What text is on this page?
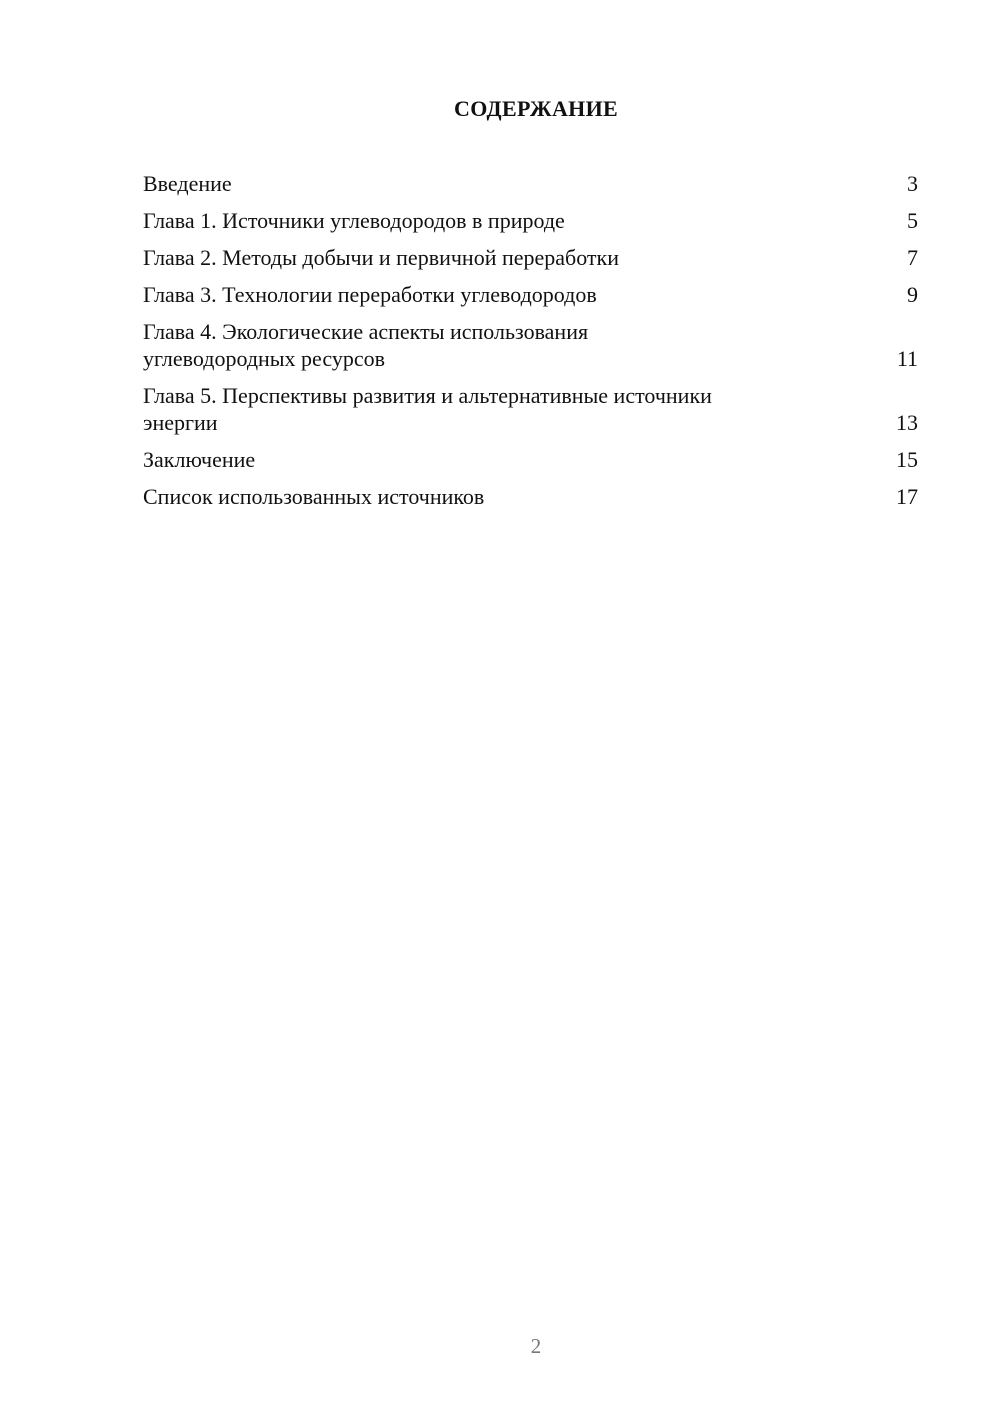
СОДЕРЖАНИЕ
Введение	3
Глава 1. Источники углеводородов в природе	5
Глава 2. Методы добычи и первичной переработки	7
Глава 3. Технологии переработки углеводородов	9
Глава 4. Экологические аспекты использования
углеводородных ресурсов	11
Глава 5. Перспективы развития и альтернативные источники
энергии	13
Заключение	15
Список использованных источников	17
2
